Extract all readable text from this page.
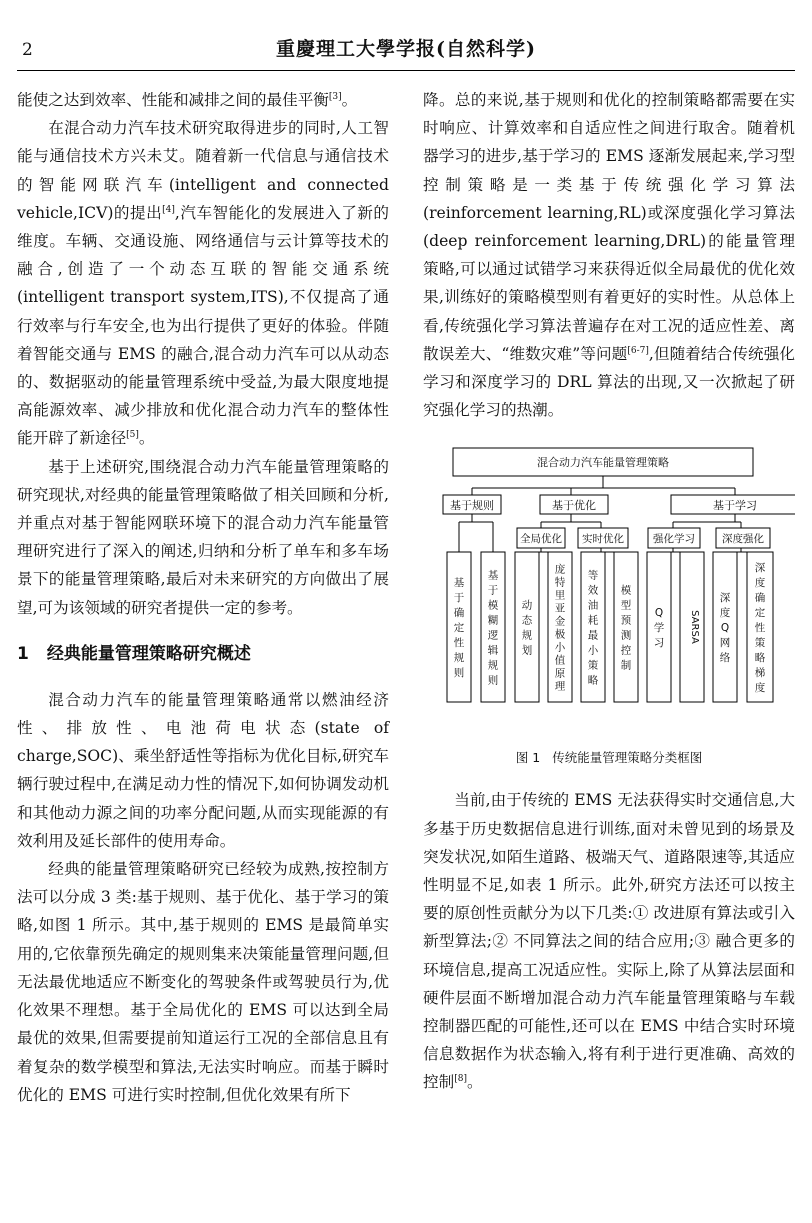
2	重慶理工大學学报(自然科学)

能使之达到效率、性能和减排之间的最佳平衡[3]。

在混合动力汽车技术研究取得进步的同时,人工智能与通信技术方兴未艾。随着新一代信息与通信技术的智能网联汽车(intelligent and connected vehicle,ICV)的提出[4],汽车智能化的发展进入了新的维度。车辆、交通设施、网络通信与云计算等技术的融合,创造了一个动态互联的智能交通系统(intelligent transport system,ITS),不仅提高了通行效率与行车安全,也为出行提供了更好的体验。伴随着智能交通与 EMS 的融合,混合动力汽车可以从动态的、数据驱动的能量管理系统中受益,为最大限度地提高能源效率、减少排放和优化混合动力汽车的整体性能开辟了新途径[5]。

基于上述研究,围绕混合动力汽车能量管理策略的研究现状,对经典的能量管理策略做了相关回顾和分析,并重点对基于智能网联环境下的混合动力汽车能量管理研究进行了深入的阐述,归纳和分析了单车和多车场景下的能量管理策略,最后对未来研究的方向做出了展望,可为该领域的研究者提供一定的参考。

1 经典能量管理策略研究概述

混合动力汽车的能量管理策略通常以燃油经济性、排放性、电池荷电状态(state of charge,SOC)、乘坐舒适性等指标为优化目标,研究车辆行驶过程中,在满足动力性的情况下,如何协调发动机和其他动力源之间的功率分配问题,从而实现能源的有效利用及延长部件的使用寿命。

经典的能量管理策略研究已经较为成熟,按控制方法可以分成 3 类:基于规则、基于优化、基于学习的策略,如图 1 所示。其中,基于规则的 EMS 是最简单实用的,它依靠预先确定的规则集来决策能量管理问题,但无法最优地适应不断变化的驾驶条件或驾驶员行为,优化效果不理想。基于全局优化的 EMS 可以达到全局最优的效果,但需要提前知道运行工况的全部信息且有着复杂的数学模型和算法,无法实时响应。而基于瞬时优化的 EMS 可进行实时控制,但优化效果有所下

降。总的来说,基于规则和优化的控制策略都需要在实时响应、计算效率和自适应性之间进行取舍。随着机器学习的进步,基于学习的 EMS 逐渐发展起来,学习型控制策略是一类基于传统强化学习算法(reinforcement learning,RL)或深度强化学习算法(deep reinforcement learning,DRL)的能量管理策略,可以通过试错学习来获得近似全局最优的优化效果,训练好的策略模型则有着更好的实时性。从总体上看,传统强化学习算法普遍存在对工况的适应性差、离散误差大、“维数灾难”等问题[6-7],但随着结合传统强化学习和深度学习的 DRL 算法的出现,又一次掀起了研究强化学习的热潮。

混合动力汽车能量管理策略
基于规则	基于优化	基于学习
全局优化 实时优化	强化学习	深度强化
基于确定性规则
基于模糊逻辑规则
动态规划
庞特里亚金极小值原理
等效油耗最小策略
模型预测控制
Q 学习 SARSA
深度 Q 网络
深度确定性策略梯度

图 1 传统能量管理策略分类框图

当前,由于传统的 EMS 无法获得实时交通信息,大多基于历史数据信息进行训练,面对未曾见到的场景及突发状况,如陌生道路、极端天气、道路限速等,其适应性明显不足,如表 1 所示。此外,研究方法还可以按主要的原创性贡献分为以下几类:① 改进原有算法或引入新型算法;② 不同算法之间的结合应用;③ 融合更多的环境信息,提高工况适应性。实际上,除了从算法层面和硬件层面不断增加混合动力汽车能量管理策略与车载控制器匹配的可能性,还可以在 EMS 中结合实时环境信息数据作为状态输入,将有利于进行更准确、高效的控制[8]。
